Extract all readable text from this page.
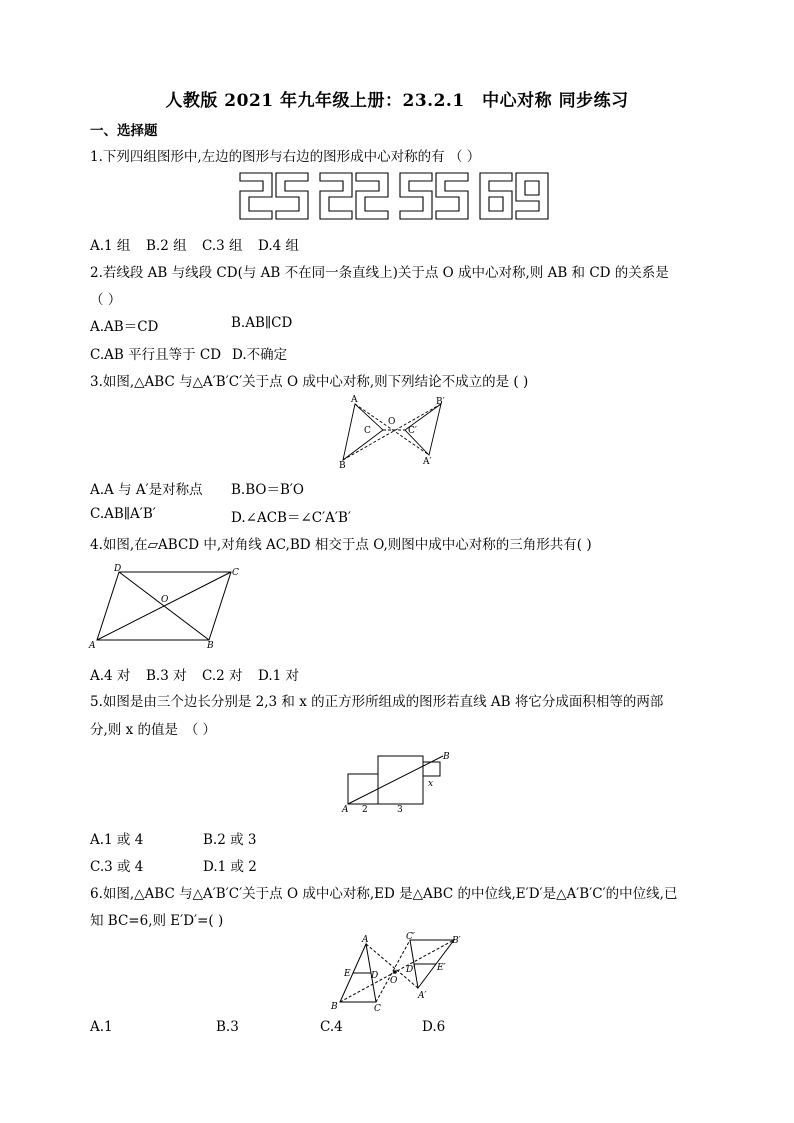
人教版 2021 年九年级上册：23.2.1　中心对称 同步练习
一、选择题
1.下列四组图形中,左边的图形与右边的图形成中心对称的有 （ ）
A.1 组 B.2 组 C.3 组 D.4 组
2.若线段 AB 与线段 CD(与 AB 不在同一条直线上)关于点 O 成中心对称,则 AB 和 CD 的关系是
（ ）
A.AB＝CD	B.AB∥CD
C.AB 平行且等于 CD D.不确定
3.如图,△ABC 与△A′B′C′关于点 O 成中心对称,则下列结论不成立的是 ( )
A
B
C
O
C′
B′
A′
A.A 与 A′是对称点 B.BO＝B′O
C.AB∥A′B′	D.∠ACB＝∠C′A′B′
4.如图,在▱ABCD 中,对角线 AC,BD 相交于点 O,则图中成中心对称的三角形共有( )
D	C
O
A	B
A.4 对 B.3 对 C.2 对 D.1 对
5.如图是由三个边长分别是 2,3 和 x 的正方形所组成的图形若直线 AB 将它分成面积相等的两部
分,则 x 的值是　（ ）
A 2	3
x
B
A.1 或 4	B.2 或 3
C.3 或 4	D.1 或 2
6.如图,△ABC 与△A′B′C′关于点 O 成中心对称,ED 是△ABC 的中位线,E′D′是△A′B′C′的中位线,已
知 BC=6,则 E′D′=( )
A
E D
B	C
C′	B′
D′ E′
O
A′
A.1	B.3	C.4	D.6
